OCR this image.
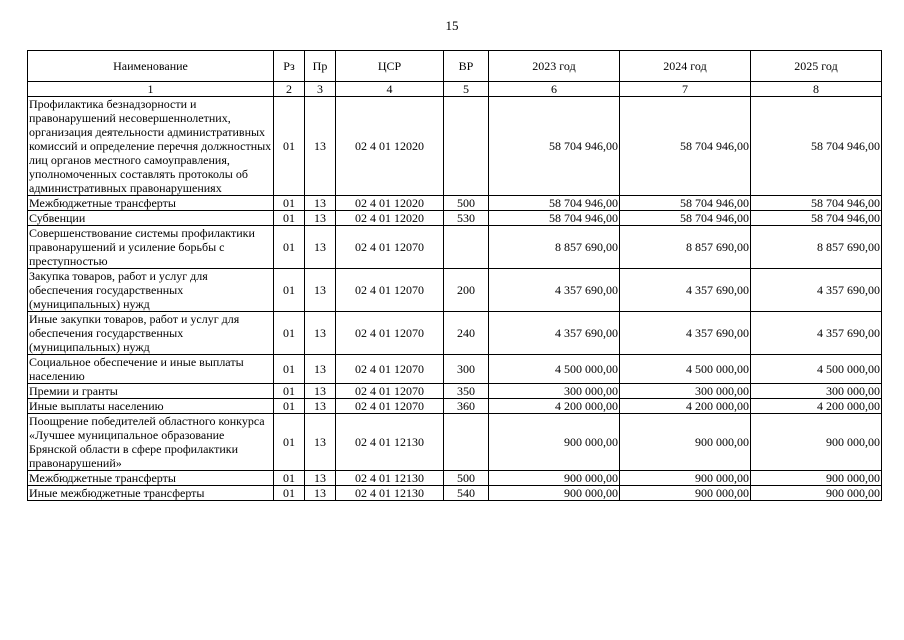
15
Наименование	Рз	Пр	ЦСР	ВР	2023 год	2024 год	2025 год
1	2	3	4	5	6	7	8
Профилактика безнадзорности и правонарушений несовершеннолетних, организация деятельности административных комиссий и определение перечня должностных лиц органов местного самоуправления, уполномоченных составлять протоколы об административных правонарушениях	01	13	02 4 01 12020		58 704 946,00	58 704 946,00	58 704 946,00
Межбюджетные трансферты	01	13	02 4 01 12020	500	58 704 946,00	58 704 946,00	58 704 946,00
Субвенции	01	13	02 4 01 12020	530	58 704 946,00	58 704 946,00	58 704 946,00
Совершенствование системы профилактики правонарушений и усиление борьбы с преступностью	01	13	02 4 01 12070		8 857 690,00	8 857 690,00	8 857 690,00
Закупка товаров, работ и услуг для обеспечения государственных (муниципальных) нужд	01	13	02 4 01 12070	200	4 357 690,00	4 357 690,00	4 357 690,00
Иные закупки товаров, работ и услуг для обеспечения государственных (муниципальных) нужд	01	13	02 4 01 12070	240	4 357 690,00	4 357 690,00	4 357 690,00
Социальное обеспечение и иные выплаты населению	01	13	02 4 01 12070	300	4 500 000,00	4 500 000,00	4 500 000,00
Премии и гранты	01	13	02 4 01 12070	350	300 000,00	300 000,00	300 000,00
Иные выплаты населению	01	13	02 4 01 12070	360	4 200 000,00	4 200 000,00	4 200 000,00
Поощрение победителей областного конкурса «Лучшее муниципальное образование Брянской области в сфере профилактики правонарушений»	01	13	02 4 01 12130		900 000,00	900 000,00	900 000,00
Межбюджетные трансферты	01	13	02 4 01 12130	500	900 000,00	900 000,00	900 000,00
Иные межбюджетные трансферты	01	13	02 4 01 12130	540	900 000,00	900 000,00	900 000,00
